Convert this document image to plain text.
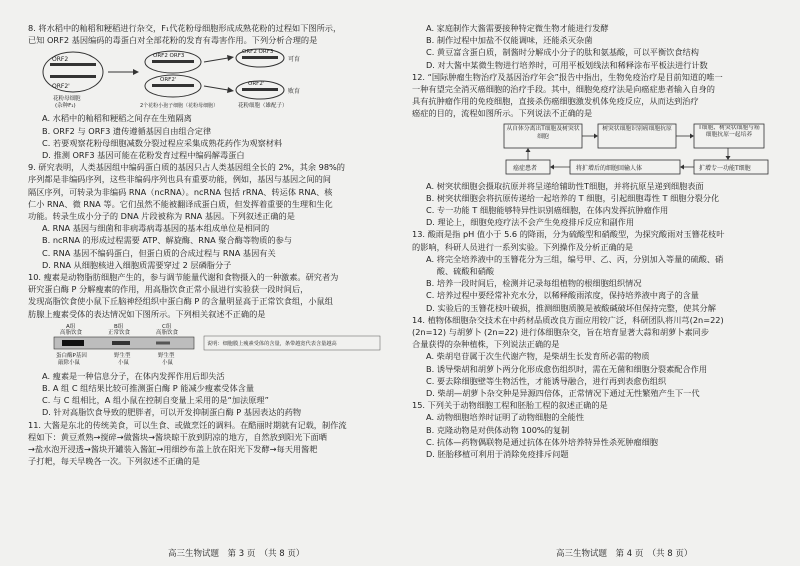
8. 将水稻中的籼稻和粳稻进行杂交，F₁代花粉母细胞形成成熟花粉的过程如下图所示，

已知 ORF2 基因编码的毒蛋白对全部花粉的发育有毒害作用。下列分析合理的是

ORF2
ORF2'
花粉母细胞
(杂种F₁)
ORF2 ORF3
ORF2'
2个花粉小孢子细胞（花粉母细胞）
ORF2 ORF3
ORF2'
可育
败育
花粉细胞（雄配子）

A. 水稻中的籼稻和粳稻之间存在生殖隔离

B. ORF2 与 ORF3 遗传遵循基因自由组合定律

C. 若要观察花粉母细胞减数分裂过程应采集成熟花药作为观察材料

D. 推测 ORF3 基因可能在花粉发育过程中编码解毒蛋白

9. 研究表明，人类基因组中编码蛋白质的基因只占人类基因组全长的 2%，其余 98%的

序列都是非编码序列，这些非编码序列也具有重要功能，例如，基因与基因之间的间

隔区序列，可转录为非编码 RNA（ncRNA）。ncRNA 包括 rRNA、转运体 RNA、核

仁小 RNA、微 RNA 等。它们虽然不能被翻译成蛋白质，但发挥着重要的生理和生化

功能。转录生成小分子的 DNA 片段被称为 RNA 基因。下列叙述正确的是

A. RNA 基因与细菌和非病毒病毒基因的基本组成单位是相同的

B. ncRNA 的形成过程需要 ATP、解旋酶、RNA 聚合酶等物质的参与

C. RNA 基因不编码蛋白，但蛋白质的合成过程与 RNA 基因有关

D. RNA 从细胞核进入细胞质需要穿过 2 层磷脂分子

10. 瘦素是动物脂肪细胞产生的，参与调节能量代谢和食物摄入的一种激素。研究者为

研究蛋白酶 P 分解瘦素的作用，用高脂饮食正常小鼠进行实验获一段时间后，

发现高脂饮食使小鼠下丘脑神经组织中蛋白酶 P 的含量明显高于正常饮食组，小鼠组

肪腺上瘦素受体的表达情况如下图所示。下列相关叙述不正确的是

A组
高脂饮食
B组
正常饮食
C组
高脂饮食
蛋白酶P基因
敲除小鼠
野生型
小鼠
野生型
小鼠
说明：细胞膜上瘦素受体的含量，条带越宽代表含量越高

A. 瘦素是一种信息分子，在体内发挥作用后即失活

B. A 组 C 组结果比较可推测蛋白酶 P 能减少瘦素受体含量

C. 与 C 组相比，A 组小鼠在控制自变量上采用的是“加法原理”

D. 针对高脂饮食导致的肥胖者，可以开发抑制蛋白酶 P 基因表达的药物

11. 大酱是东北的传统美食，可以生食、或做烹饪的调料。在酷丽时期就有记载，制作流

程如下：黄豆煮熟→搅碎→做酱块→酱块晾干放到阴凉的地方，自然放到阳光下面晒

→盐水泡开浸透→酱块开罐装入酱缸→用细纱布盖上放在阳光下发酵→每天用酱耙

子打耙，每天早晚各一次。下列叙述不正确的是

A. 家庭制作大酱需要接种特定微生物才能进行发酵

B. 制作过程中加盐不仅能调味，还能杀灭杂菌

C. 黄豆富含蛋白质，制酱时分解成小分子的肽和氨基酸，可以平衡饮食结构

D. 对大酱中某微生物进行培养时，可用平板划线法和稀释涂布平板法进行计数

12. “国际肿瘤生物治疗及基因治疗年会”报告中指出，生物免疫治疗是目前知道的唯一

一种有望完全消灭癌细胞的治疗手段。其中，细胞免疫疗法是向癌症患者输入自身的

具有抗肿瘤作用的免疫细胞，直接杀伤癌细胞激发机体免疫反应，从而达到治疗

癌症的目的，流程如图所示。下列说法不正确的是

从自体分离出T细胞及树突状细胞
树突状细胞识别癌细胞抗原	T细胞、树突状细胞与癌细胞抗原一起培养
癌症患者	将扩增后的细胞回输人体	扩增专一功能T细胞

A. 树突状细胞会摄取抗原并将呈递给辅助性T细胞，并将抗原呈递到细胞表面

B. 树突状细胞会将抗原传递给一起培养的 T 细胞，引起细胞毒性 T 细胞分裂分化

C. 专一功能 T 细胞能够特异性识别癌细胞，在体内发挥抗肿瘤作用

D. 理论上，细胞免疫疗法不会产生免疫排斥反应和副作用

13. 酸雨是指 pH 值小于 5.6 的降雨，分为硫酸型和硝酸型，为探究酸雨对玉簪花枝叶

的影响，科研人员进行一系列实验。下列操作及分析正确的是

A. 将完全培养液中的玉簪花分为三组，编号甲、乙、丙，分别加入等量的硫酸、硝

　 酸、硫酸和硝酸

B. 培养一段时间后，检测并记录每组植物的根细胞组织情况

C. 培养过程中要经常补充水分，以稀释酸雨浓度，保持培养液中离子的含量

D. 实验后的玉簪花枝叶破损，推测细胞质膜是被酸碱破坏但保持完整，使其分解

14. 植物体细胞杂交技术在中药材品质改良方面应用较广泛，科研团队将川芎(2n=22)

(2n=12) 与胡萝卜 (2n=22) 进行体细胞杂交，旨在培育显著大蒜和胡萝卜素同步

合量获得的杂种植株，下列说法正确的是

A. 柴胡皂苷属于次生代谢产物，是柴胡生长发育所必需的物质

B. 诱导柴胡和胡萝卜两分化形成愈伤组织时，需在无菌和细胞分裂素配合作用

C. 要去除细胞壁等生物活性，才能诱导融合，进行再到表愈伤组织

D. 柴胡—胡萝卜杂交种是异源四倍体，正常情况下通过无性繁殖产生下一代

15. 下列关于动物细胞工程和胚胎工程的叙述正确的是

A. 动物细胞培养时证明了动物细胞的全能性

B. 克隆动物是对供体动物 100%的复制

C. 抗体—药物偶联物是通过抗体在体外培养特异性杀死肿瘤细胞

D. 胚胎移植可利用于消除免疫排斥问题

高三生物试题　第 3 页　（共 8 页）	高三生物试题　第 4 页　（共 8 页）
